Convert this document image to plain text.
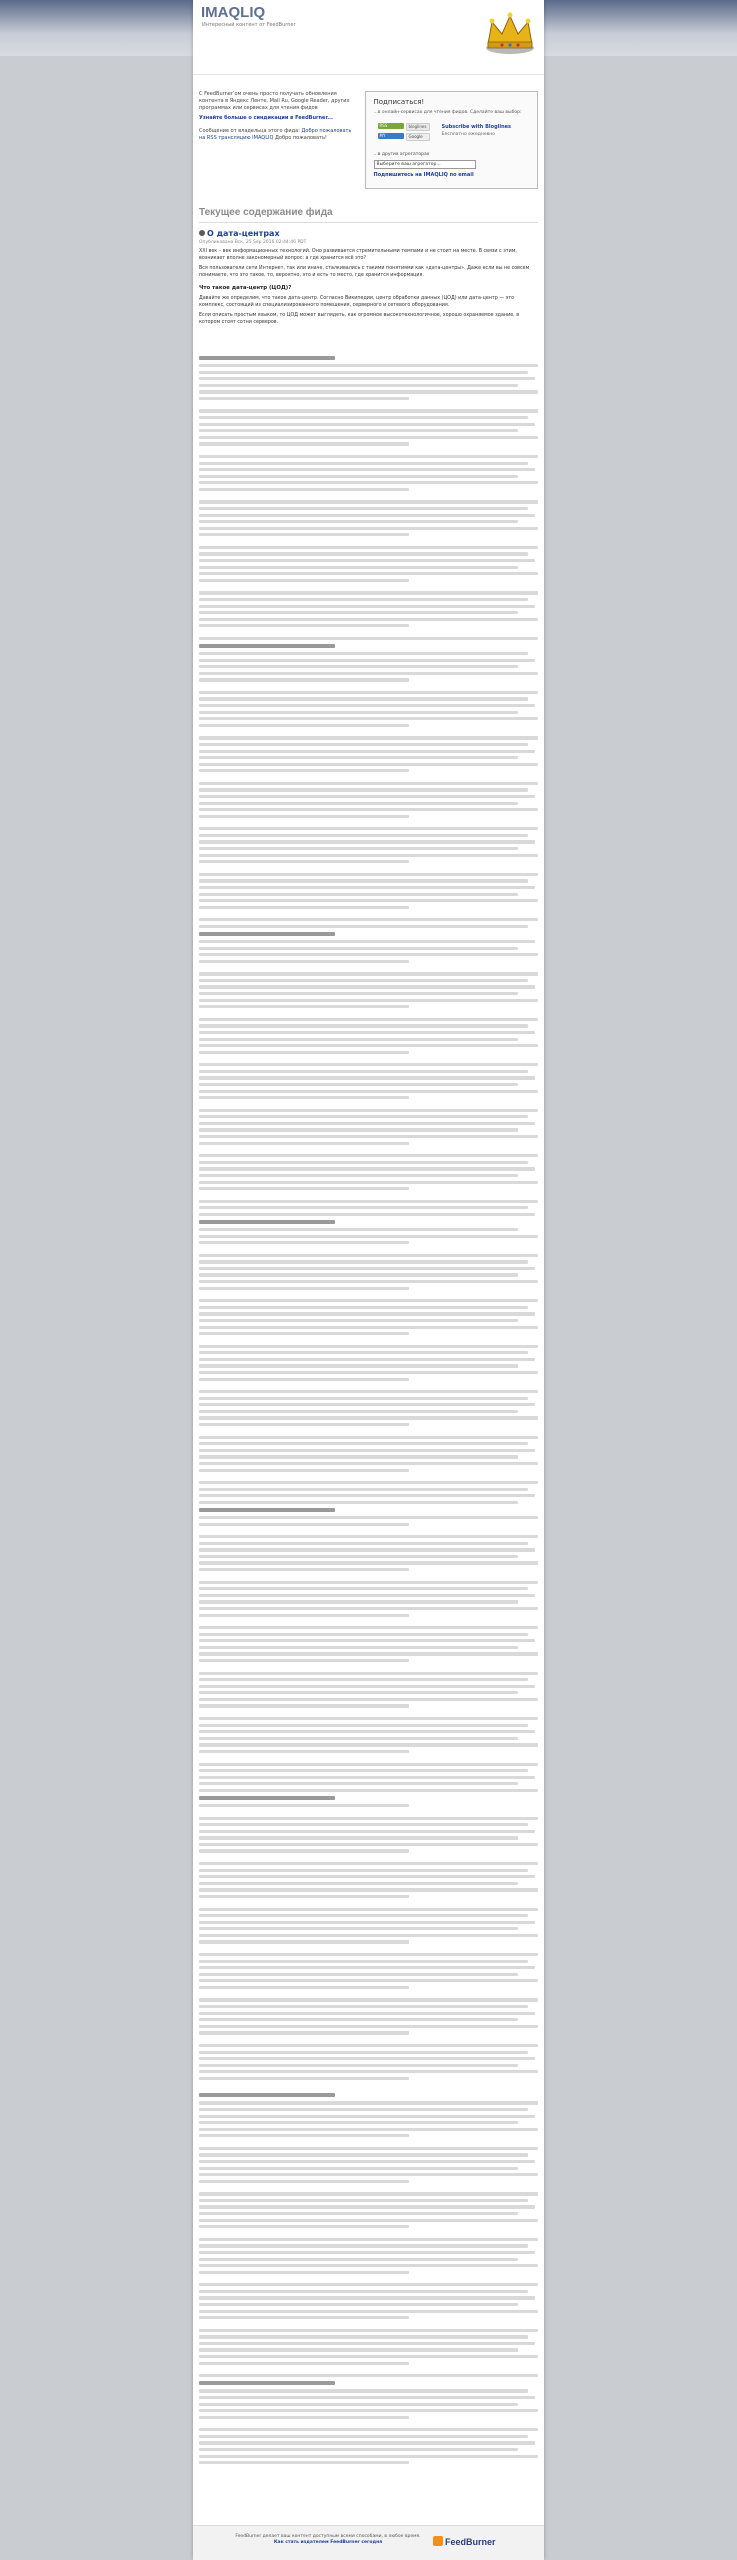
IMAQLIQ
Интересный контент от FeedBurner
С FeedBurner’ом очень просто получать обновления контента в Яндекс Ленте, Mail Ru, Google Reader, других программах или сервисах для чтения фидов
Узнайте больше о синдикации в FeedBurner...
Сообщение от владельца этого фида: Добро пожаловать на RSS трансляцию IMAQLIQ Добро пожаловать!
Подписаться!
...в онлайн-сервисах для чтения фидов. Сделайте ваш выбор:
RSS	bloglines
MY YAHOO!
Google
Subscribe with Bloglines
Бесплатно ежедневно
...в других агрегаторах
Выберите ваш агрегатор...
Подпишитесь на IMAQLIQ по email
Текущее содержание фида
О дата-центрах
Опубликовано Вск, 25 Sep 2016 02:44:46 PDT

XXI век – век информационных технологий. Оно развивается стремительными темпами и не стоит на месте. В связи с этим, возникает вполне закономерный вопрос: а где хранится всё это?

Вся пользователи сети Интернет, так или иначе, сталкивались с такими понятиями как «дата-центры». Даже если вы не совсем понимаете, что это такое, то, вероятно, это и есть то место, где хранится информация.

Что такое дата-центр (ЦОД)?

Давайте же определим, что такое дата-центр. Согласно Википедии, центр обработки данных (ЦОД) или дата-центр — это комплекс, состоящий из специализированного помещения, серверного и сетевого оборудования.

Если описать простым языком, то ЦОД может выглядеть, как огромное высокотехнологичное, хорошо охраняемое здание, в котором стоят сотни серверов.

FeedBurner делает ваш контент доступным всеми способами, в любое время.
Как стать издателем FeedBurner сегодня	FeedBurner
